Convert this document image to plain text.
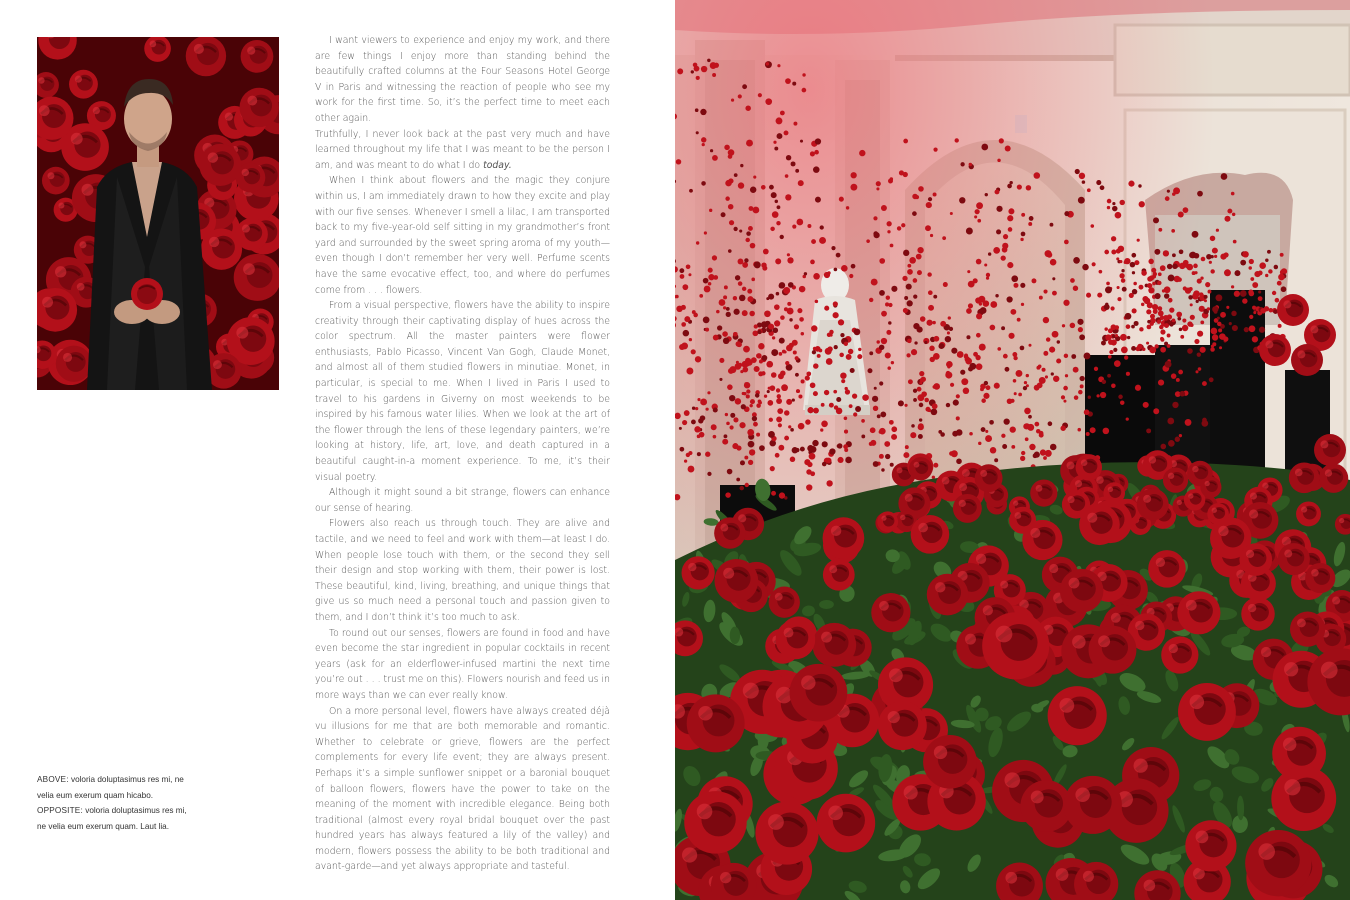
ABOVE: voloria doluptasimus res mi, ne velia eum exerum quam hicabo.

OPPOSITE: voloria doluptasimus res mi, ne velia eum exerum quam. Laut lia.

I want viewers to experience and enjoy my work, and there are few things I enjoy more than standing behind the beautifully crafted columns at the Four Seasons Hotel George V in Paris and witnessing the reaction of people who see my work for the first time. So, it’s the perfect time to meet each other again.

Truthfully, I never look back at the past very much and have learned throughout my life that I was meant to be the person I am, and was meant to do what I do today.

When I think about flowers and the magic they conjure within us, I am immediately drawn to how they excite and play with our five senses. Whenever I smell a lilac, I am transported back to my five-year-old self sitting in my grandmother’s front yard and surrounded by the sweet spring aroma of my youth—even though I don’t remember her very well. Perfume scents have the same evocative effect, too, and where do perfumes come from . . . flowers.

From a visual perspective, flowers have the ability to inspire creativity through their captivating display of hues across the color spectrum. All the master painters were flower enthusiasts, Pablo Picasso, Vincent Van Gogh, Claude Monet, and almost all of them studied flowers in minutiae. Monet, in particular, is special to me. When I lived in Paris I used to travel to his gardens in Giverny on most weekends to be inspired by his famous water lilies. When we look at the art of the flower through the lens of these legendary painters, we’re looking at history, life, art, love, and death captured in a beautiful caught-in-a moment experience. To me, it’s their visual poetry.

Although it might sound a bit strange, flowers can enhance our sense of hearing.

Flowers also reach us through touch. They are alive and tactile, and we need to feel and work with them—at least I do. When people lose touch with them, or the second they sell their design and stop working with them, their power is lost. These beautiful, kind, living, breathing, and unique things that give us so much need a personal touch and passion given to them, and I don’t think it’s too much to ask.

To round out our senses, flowers are found in food and have even become the star ingredient in popular cocktails in recent years (ask for an elderflower-infused martini the next time you’re out . . . trust me on this). Flowers nourish and feed us in more ways than we can ever really know.

On a more personal level, flowers have always created déjà vu illusions for me that are both memorable and romantic. Whether to celebrate or grieve, flowers are the perfect complements for every life event; they are always present. Perhaps it’s a simple sunflower snippet or a baronial bouquet of balloon flowers, flowers have the power to take on the meaning of the moment with incredible elegance. Being both traditional (almost every royal bridal bouquet over the past hundred years has always featured a lily of the valley) and modern, flowers possess the ability to be both traditional and avant-garde—and yet always appropriate and tasteful.
